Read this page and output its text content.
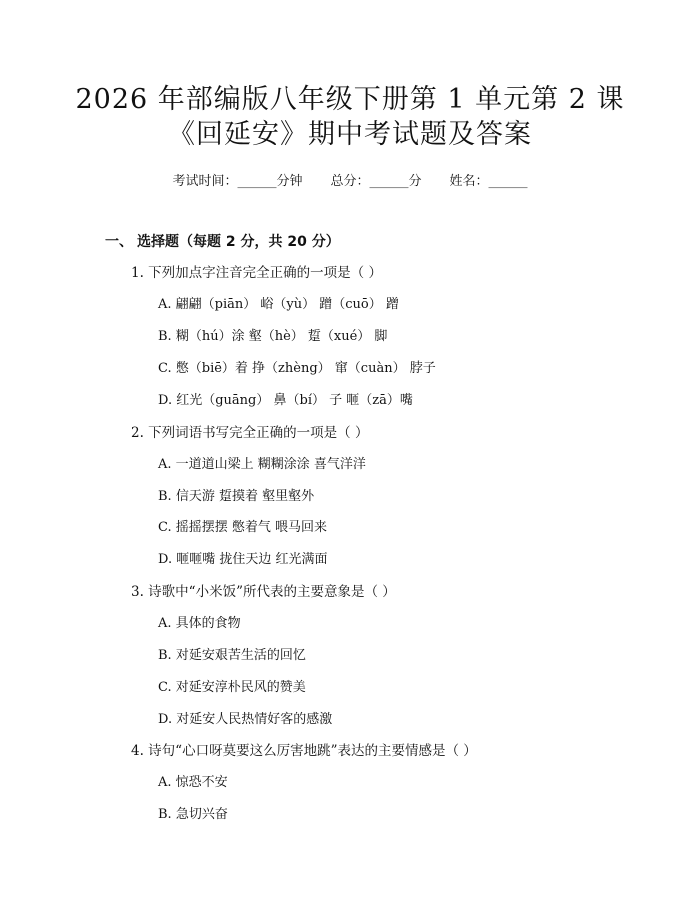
2026 年部编版八年级下册第 1 单元第 2 课
《回延安》期中考试题及答案
考试时间：______分钟 总分：______分 姓名：______
一、 选择题（每题 2 分，共 20 分）
1. 下列加点字注音完全正确的一项是（ ）
A. 翩翩（piān） 峪（yù） 蹭（cuō） 蹭
B. 糊（hú）涂 壑（hè） 踅（xué） 脚
C. 憋（biē）着 挣（zhèng） 窜（cuàn） 脖子
D. 红光（guāng） 鼻（bí） 子 咂（zā）嘴
2. 下列词语书写完全正确的一项是（ ）
A. 一道道山梁上 糊糊涂涂 喜气洋洋
B. 信天游 踅摸着 壑里壑外
C. 摇摇摆摆 憋着气 喂马回来
D. 咂咂嘴 拢住天边 红光满面
3. 诗歌中“小米饭”所代表的主要意象是（ ）
A. 具体的食物
B. 对延安艰苦生活的回忆
C. 对延安淳朴民风的赞美
D. 对延安人民热情好客的感激
4. 诗句“心口呀莫要这么厉害地跳”表达的主要情感是（ ）
A. 惊恐不安
B. 急切兴奋
